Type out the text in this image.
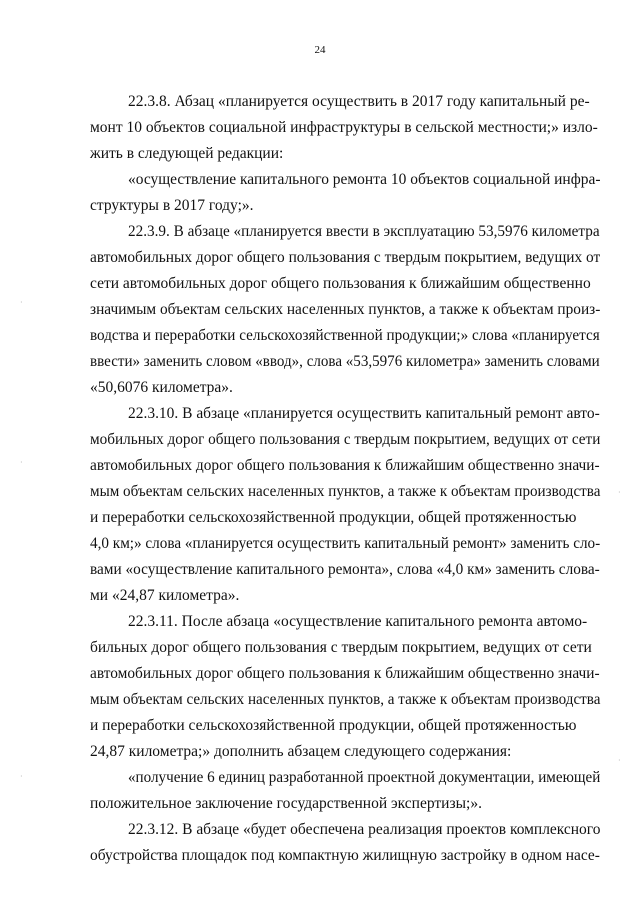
24
22.3.8. Абзац «планируется осуществить в 2017 году капитальный ре-
монт 10 объектов социальной инфраструктуры в сельской местности;» изло-
жить в следующей редакции:
«осуществление капитального ремонта 10 объектов социальной инфра-
структуры в 2017 году;».
22.3.9. В абзаце «планируется ввести в эксплуатацию 53,5976 километра
автомобильных дорог общего пользования с твердым покрытием, ведущих от
сети автомобильных дорог общего пользования к ближайшим общественно
значимым объектам сельских населенных пунктов, а также к объектам произ-
водства и переработки сельскохозяйственной продукции;» слова «планируется
ввести» заменить словом «ввод», слова «53,5976 километра» заменить словами
«50,6076 километра».
22.3.10. В абзаце «планируется осуществить капитальный ремонт авто-
мобильных дорог общего пользования с твердым покрытием, ведущих от сети
автомобильных дорог общего пользования к ближайшим общественно значи-
мым объектам сельских населенных пунктов, а также к объектам производства
и переработки сельскохозяйственной продукции, общей протяженностью
4,0 км;» слова «планируется осуществить капитальный ремонт» заменить сло-
вами «осуществление капитального ремонта», слова «4,0 км» заменить слова-
ми «24,87 километра».
22.3.11. После абзаца «осуществление капитального ремонта автомо-
бильных дорог общего пользования с твердым покрытием, ведущих от сети
автомобильных дорог общего пользования к ближайшим общественно значи-
мым объектам сельских населенных пунктов, а также к объектам производства
и переработки сельскохозяйственной продукции, общей протяженностью
24,87 километра;» дополнить абзацем следующего содержания:
«получение 6 единиц разработанной проектной документации, имеющей
положительное заключение государственной экспертизы;».
22.3.12. В абзаце «будет обеспечена реализация проектов комплексного
обустройства площадок под компактную жилищную застройку в одном насе-
·
·
·
·
·
